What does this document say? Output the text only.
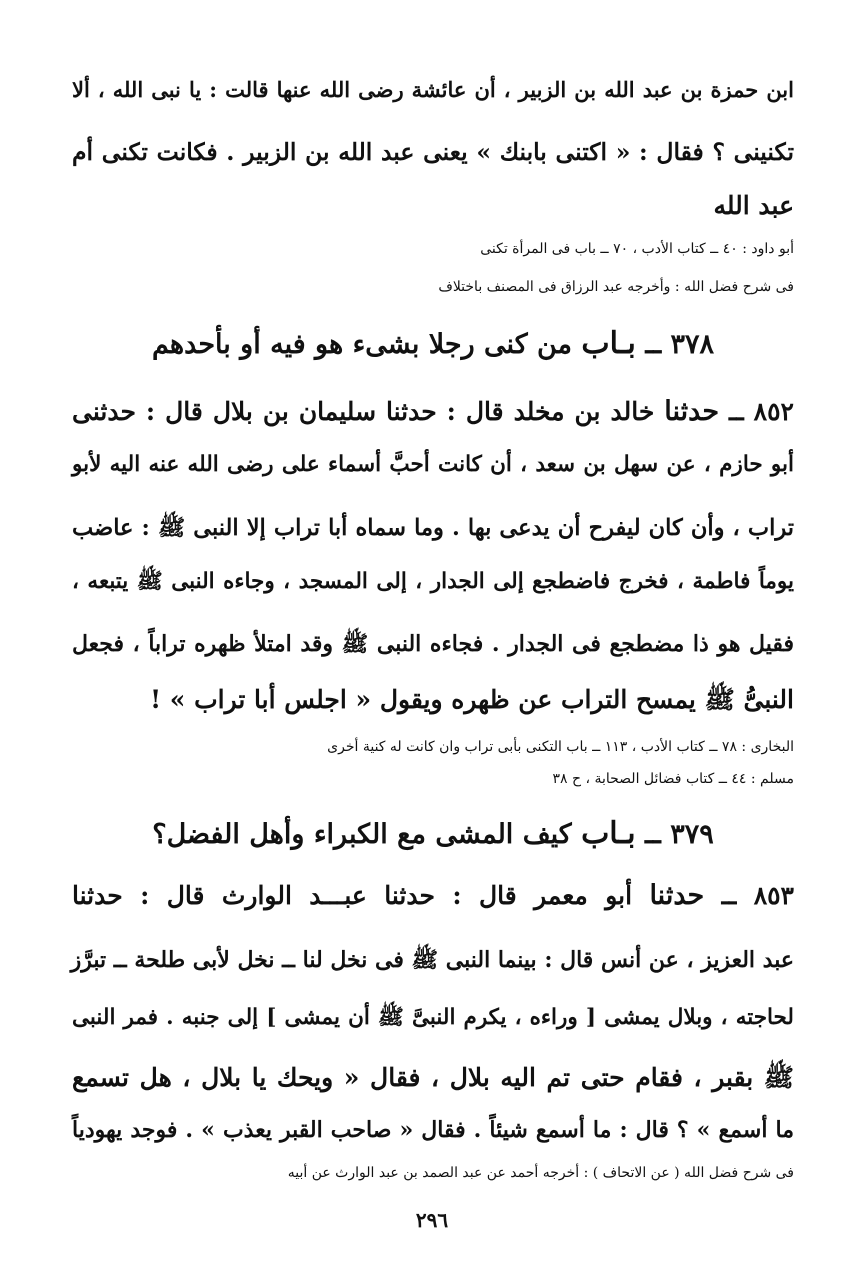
ابن حمزة بن عبد الله بن الزبير ، أن عائشة رضى الله عنها قالت : يا نبى الله ، ألا
تكنينى ؟ فقال : « اكتنى بابنك » يعنى عبد الله بن الزبير . فكانت تكنى أم
عبد الله
أبو داود : ٤٠ ــ كتاب الأدب ، ٧٠ ــ باب فى المرأة تكنى
فى شرح فضل الله : وأخرجه عبد الرزاق فى المصنف باختلاف
٣٧٨ ــ بـاب من كنى رجلا بشىء هو فيه أو بأحدهم
٨٥٢ ــ حدثنا خالد بن مخلد قال : حدثنا سليمان بن بلال قال : حدثنى
أبو حازم ، عن سهل بن سعد ، أن كانت أحبَّ أسماء على رضى الله عنه اليه لأبو
تراب ، وأن كان ليفرح أن يدعى بها . وما سماه أبا تراب إلا النبى ﷺ : عاضب
يوماً فاطمة ، فخرج فاضطجع إلى الجدار ، إلى المسجد ، وجاءه النبى ﷺ يتبعه ،
فقيل هو ذا مضطجع فى الجدار . فجاءه النبى ﷺ وقد امتلأ ظهره تراباً ، فجعل
النبىُّ ﷺ يمسح التراب عن ظهره ويقول « اجلس أبا تراب » !
البخارى : ٧٨ ــ كتاب الأدب ، ١١٣ ــ باب التكنى بأبى تراب وان كانت له كنية أخرى
مسلم : ٤٤ ــ كتاب فضائل الصحابة ، ح ٣٨
٣٧٩ ــ بـاب كيف المشى مع الكبراء وأهل الفضل؟
٨٥٣ ــ حدثنا أبو معمر قال : حدثنا عبـــد الوارث قال : حدثنا
عبد العزيز ، عن أنس قال : بينما النبى ﷺ فى نخل لنا ــ نخل لأبى طلحة ــ تبرَّز
لحاجته ، وبلال يمشى [ وراءه ، يكرم النبىَّ ﷺ أن يمشى ] إلى جنبه . فمر النبى
ﷺ بقبر ، فقام حتى تم اليه بلال ، فقال « ويحك يا بلال ، هل تسمع
ما أسمع » ؟ قال : ما أسمع شيئاً . فقال « صاحب القبر يعذب » . فوجد يهودياً
فى شرح فضل الله ( عن الاتحاف ) : أخرجه أحمد عن عبد الصمد بن عبد الوارث عن أبيه
٢٩٦
